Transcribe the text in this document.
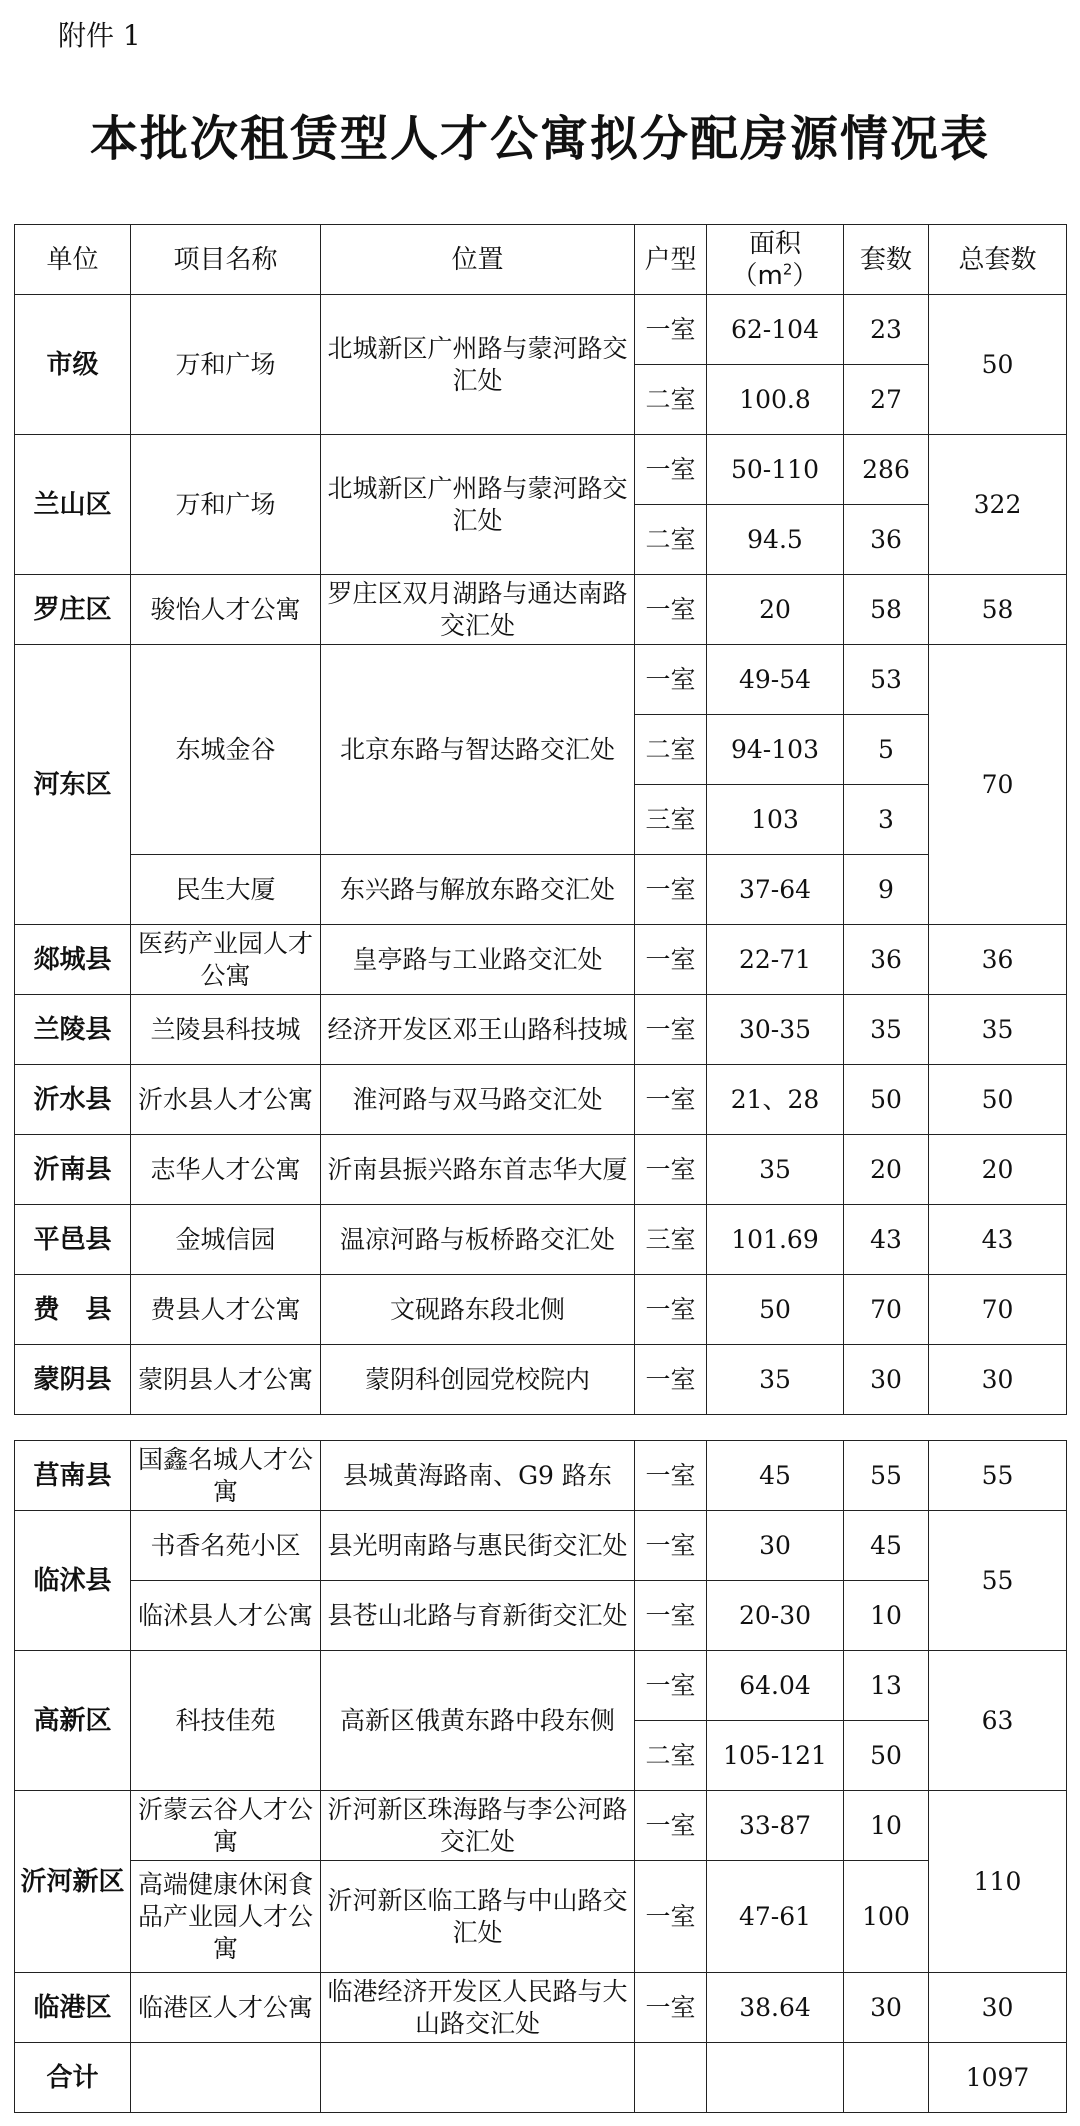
附件 1
本批次租赁型人才公寓拟分配房源情况表
单位	项目名称	位置	户型	面积$(m^2)$	套数	总套数
市级	万和广场	北城新区广州路与蒙河路交汇处	一室	62-104	23	50
			二室	100.8	27	
兰山区	万和广场	北城新区广州路与蒙河路交汇处	一室	50-110	286	322
			二室	94.5	36	
罗庄区	骏怡人才公寓	罗庄区双月湖路与通达南路交汇处	一室	20	58	58
河东区	东城金谷	北京东路与智达路交汇处	一室	49-54	53	70
			二室	94-103	5	
			三室	103	3	
	民生大厦	东兴路与解放东路交汇处	一室	37-64	9	
郯城县	医药产业园人才公寓	皇亭路与工业路交汇处	一室	22-71	36	36
兰陵县	兰陵县科技城	经济开发区邓王山路科技城	一室	30-35	35	35
沂水县	沂水县人才公寓	淮河路与双马路交汇处	一室	21、28	50	50
沂南县	志华人才公寓	沂南县振兴路东首志华大厦	一室	35	20	20
平邑县	金城信园	温凉河路与板桥路交汇处	三室	101.69	43	43
费　县	费县人才公寓	文砚路东段北侧	一室	50	70	70
蒙阴县	蒙阴县人才公寓	蒙阴科创园党校院内	一室	35	30	30
莒南县	国鑫名城人才公寓	县城黄海路南、G9 路东	一室	45	55	55
临沭县	书香名苑小区	县光明南路与惠民街交汇处	一室	30	45	55
	临沭县人才公寓	县苍山北路与育新街交汇处	一室	20-30	10	
高新区	科技佳苑	高新区俄黄东路中段东侧	一室	64.04	13	63
			二室	105-121	50	
沂河新区	沂蒙云谷人才公寓	沂河新区珠海路与李公河路交汇处	一室	33-87	10	110
	高端健康休闲食品产业园人才公寓	沂河新区临工路与中山路交汇处	一室	47-61	100	
临港区	临港区人才公寓	临港经济开发区人民路与大山路交汇处	一室	38.64	30	30
合计						1097
